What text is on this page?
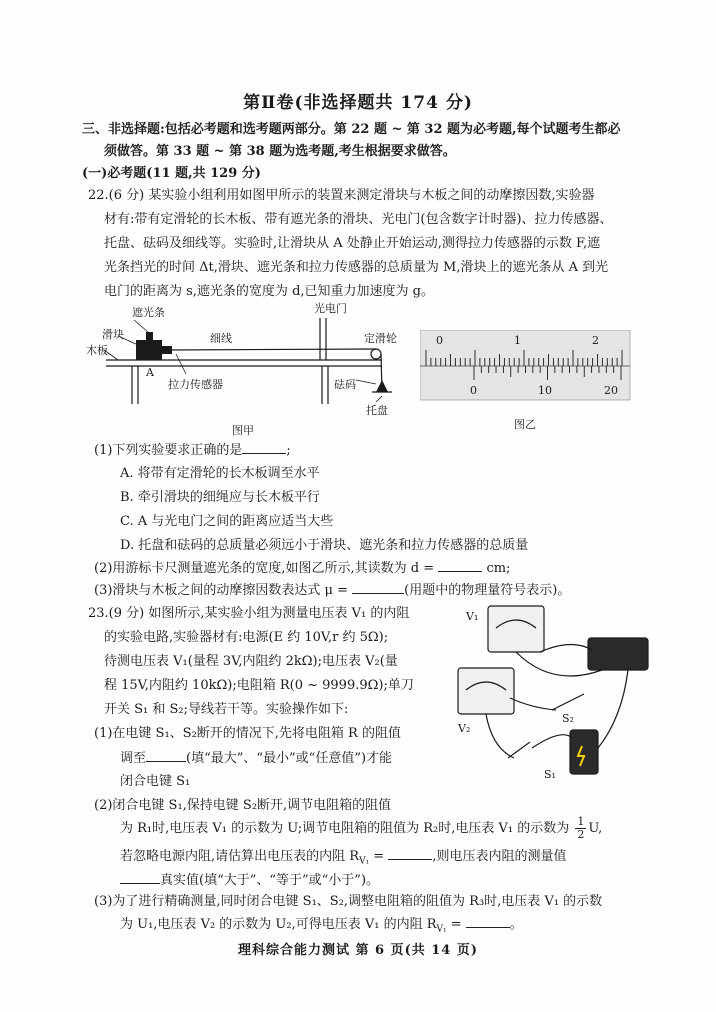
第Ⅱ卷(非选择题共 174 分)
三、非选择题:包括必考题和选考题两部分。第 22 题 ~ 第 32 题为必考题,每个试题考生都必
须做答。第 33 题 ~ 第 38 题为选考题,考生根据要求做答。
(一)必考题(11 题,共 129 分)
22.(6 分) 某实验小组利用如图甲所示的装置来测定滑块与木板之间的动摩擦因数,实验器
材有:带有定滑轮的长木板、带有遮光条的滑块、光电门(包含数字计时器)、拉力传感器、
托盘、砝码及细线等。实验时,让滑块从 A 处静止开始运动,测得拉力传感器的示数 F,遮
光条挡光的时间 Δt,滑块、遮光条和拉力传感器的总质量为 M,滑块上的遮光条从 A 到光
电门的距离为 s,遮光条的宽度为 d,已知重力加速度为 g。
遮光条	光电门
滑块	细线	定滑轮
木板
A
拉力传感器	砝码
托盘
图甲
0	1	2
0	10	20
图乙
(1)下列实验要求正确的是	;
A. 将带有定滑轮的长木板调至水平
B. 牵引滑块的细绳应与长木板平行
C. A 与光电门之间的距离应适当大些
D. 托盘和砝码的总质量必须远小于滑块、遮光条和拉力传感器的总质量
(2)用游标卡尺测量遮光条的宽度,如图乙所示,其读数为 d =	cm;
(3)滑块与木板之间的动摩擦因数表达式 μ =	(用题中的物理量符号表示)。
23.(9 分) 如图所示,某实验小组为测量电压表 V₁ 的内阻
的实验电路,实验器材有:电源(E 约 10V,r 约 5Ω);
待测电压表 V₁(量程 3V,内阻约 2kΩ);电压表 V₂(量
程 15V,内阻约 10kΩ);电阻箱 R(0 ~ 9999.9Ω);单刀
开关 S₁ 和 S₂;导线若干等。实验操作如下:
(1)在电键 S₁、S₂断开的情况下,先将电阻箱 R 的阻值
调至	(填“最大”、“最小”或“任意值”)才能
闭合电键 S₁
(2)闭合电键 S₁,保持电键 S₂断开,调节电阻箱的阻值
V₁
V₂
S₂
S₁
为 R₁时,电压表 V₁ 的示数为 U;调节电阻箱的阻值为 R₂时,电压表 V₁ 的示数为 $\frac{1}{2} U$,
若忽略电源内阻,请估算出电压表的内阻 $R_{V_1}$ =	,则电压表内阻的测量值
真实值(填“大于”、“等于”或“小于”)。
(3)为了进行精确测量,同时闭合电键 S₁、S₂,调整电阻箱的阻值为 R₃时,电压表 V₁ 的示数
为 U₁,电压表 V₂ 的示数为 U₂,可得电压表 V₁ 的内阻 $R_{V_1}$ =	。
理科综合能力测试 第 6 页(共 14 页)
